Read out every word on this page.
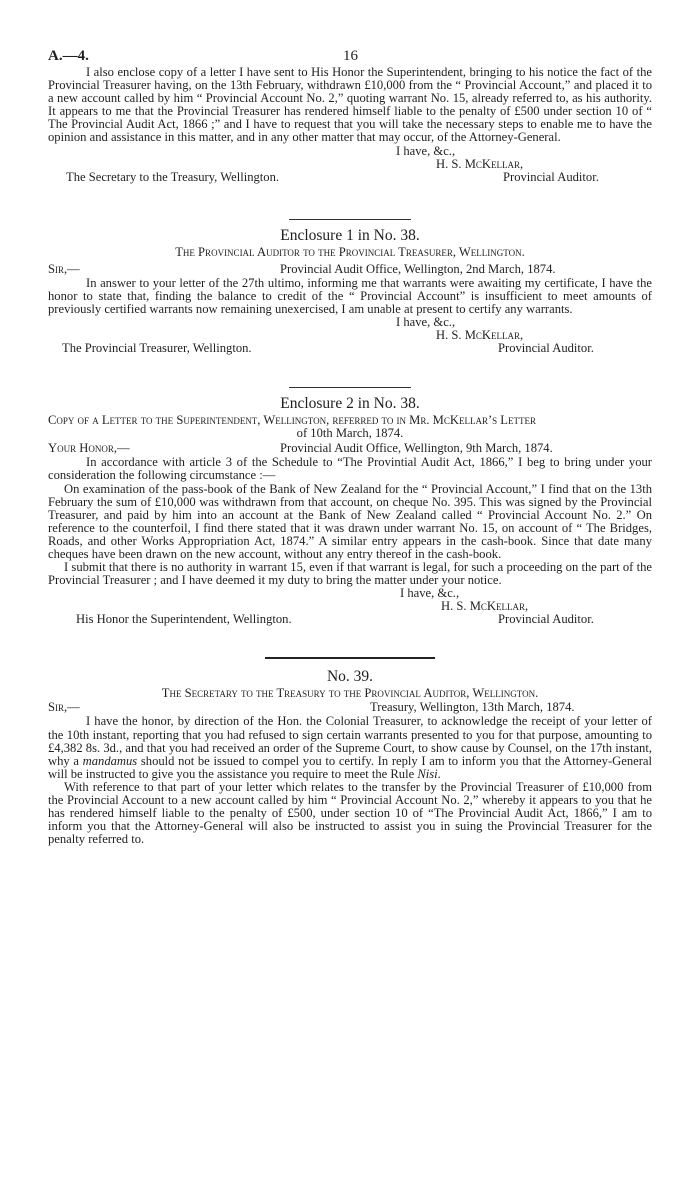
A.—4.	16

I also enclose copy of a letter I have sent to His Honor the Superintendent, bringing to his notice the fact of the Provincial Treasurer having, on the 13th February, withdrawn £10,000 from the “ Provincial Account,” and placed it to a new account called by him “ Provincial Account No. 2,” quoting warrant No. 15, already referred to, as his authority. It appears to me that the Provincial Treasurer has rendered himself liable to the penalty of £500 under section 10 of “ The Provincial Audit Act, 1866 ;” and I have to request that you will take the necessary steps to enable me to have the opinion and assistance in this matter, and in any other matter that may occur, of the Attorney-General.

I have, &c.,
H. S. McKellar,
Provincial Auditor.
The Secretary to the Treasury, Wellington.
Enclosure 1 in No. 38.
The Provincial Auditor to the Provincial Treasurer, Wellington.
Sir,—	Provincial Audit Office, Wellington, 2nd March, 1874.

In answer to your letter of the 27th ultimo, informing me that warrants were awaiting my certificate, I have the honor to state that, finding the balance to credit of the “ Provincial Account” is insufficient to meet amounts of previously certified warrants now remaining unexercised, I am unable at present to certify any warrants.

I have, &c.,
H. S. McKellar,
Provincial Auditor.
The Provincial Treasurer, Wellington.
Enclosure 2 in No. 38.
Copy of a Letter to the Superintendent, Wellington, referred to in Mr. McKellar’s Letter
of 10th March, 1874.
Your Honor,—	Provincial Audit Office, Wellington, 9th March, 1874.

In accordance with article 3 of the Schedule to “The Provintial Audit Act, 1866,” I beg to bring under your consideration the following circumstance :—

On examination of the pass-book of the Bank of New Zealand for the “ Provincial Account,” I find that on the 13th February the sum of £10,000 was withdrawn from that account, on cheque No. 395. This was signed by the Provincial Treasurer, and paid by him into an account at the Bank of New Zealand called “ Provincial Account No. 2.” On reference to the counterfoil, I find there stated that it was drawn under warrant No. 15, on account of “ The Bridges, Roads, and other Works Appropriation Act, 1874.” A similar entry appears in the cash-book. Since that date many cheques have been drawn on the new account, without any entry thereof in the cash-book.

I submit that there is no authority in warrant 15, even if that warrant is legal, for such a proceeding on the part of the Provincial Treasurer ; and I have deemed it my duty to bring the matter under your notice.

I have, &c.,
H. S. McKellar,
Provincial Auditor.
His Honor the Superintendent, Wellington.
No. 39.
The Secretary to the Treasury to the Provincial Auditor, Wellington.
Sir,—	Treasury, Wellington, 13th March, 1874.

I have the honor, by direction of the Hon. the Colonial Treasurer, to acknowledge the receipt of your letter of the 10th instant, reporting that you had refused to sign certain warrants presented to you for that purpose, amounting to £4,382 8s. 3d., and that you had received an order of the Supreme Court, to show cause by Counsel, on the 17th instant, why a mandamus should not be issued to compel you to certify. In reply I am to inform you that the Attorney-General will be instructed to give you the assistance you require to meet the Rule Nisi.

With reference to that part of your letter which relates to the transfer by the Provincial Treasurer of £10,000 from the Provincial Account to a new account called by him “ Provincial Account No. 2,” whereby it appears to you that he has rendered himself liable to the penalty of £500, under section 10 of “The Provincial Audit Act, 1866,” I am to inform you that the Attorney-General will also be instructed to assist you in suing the Provincial Treasurer for the penalty referred to.
